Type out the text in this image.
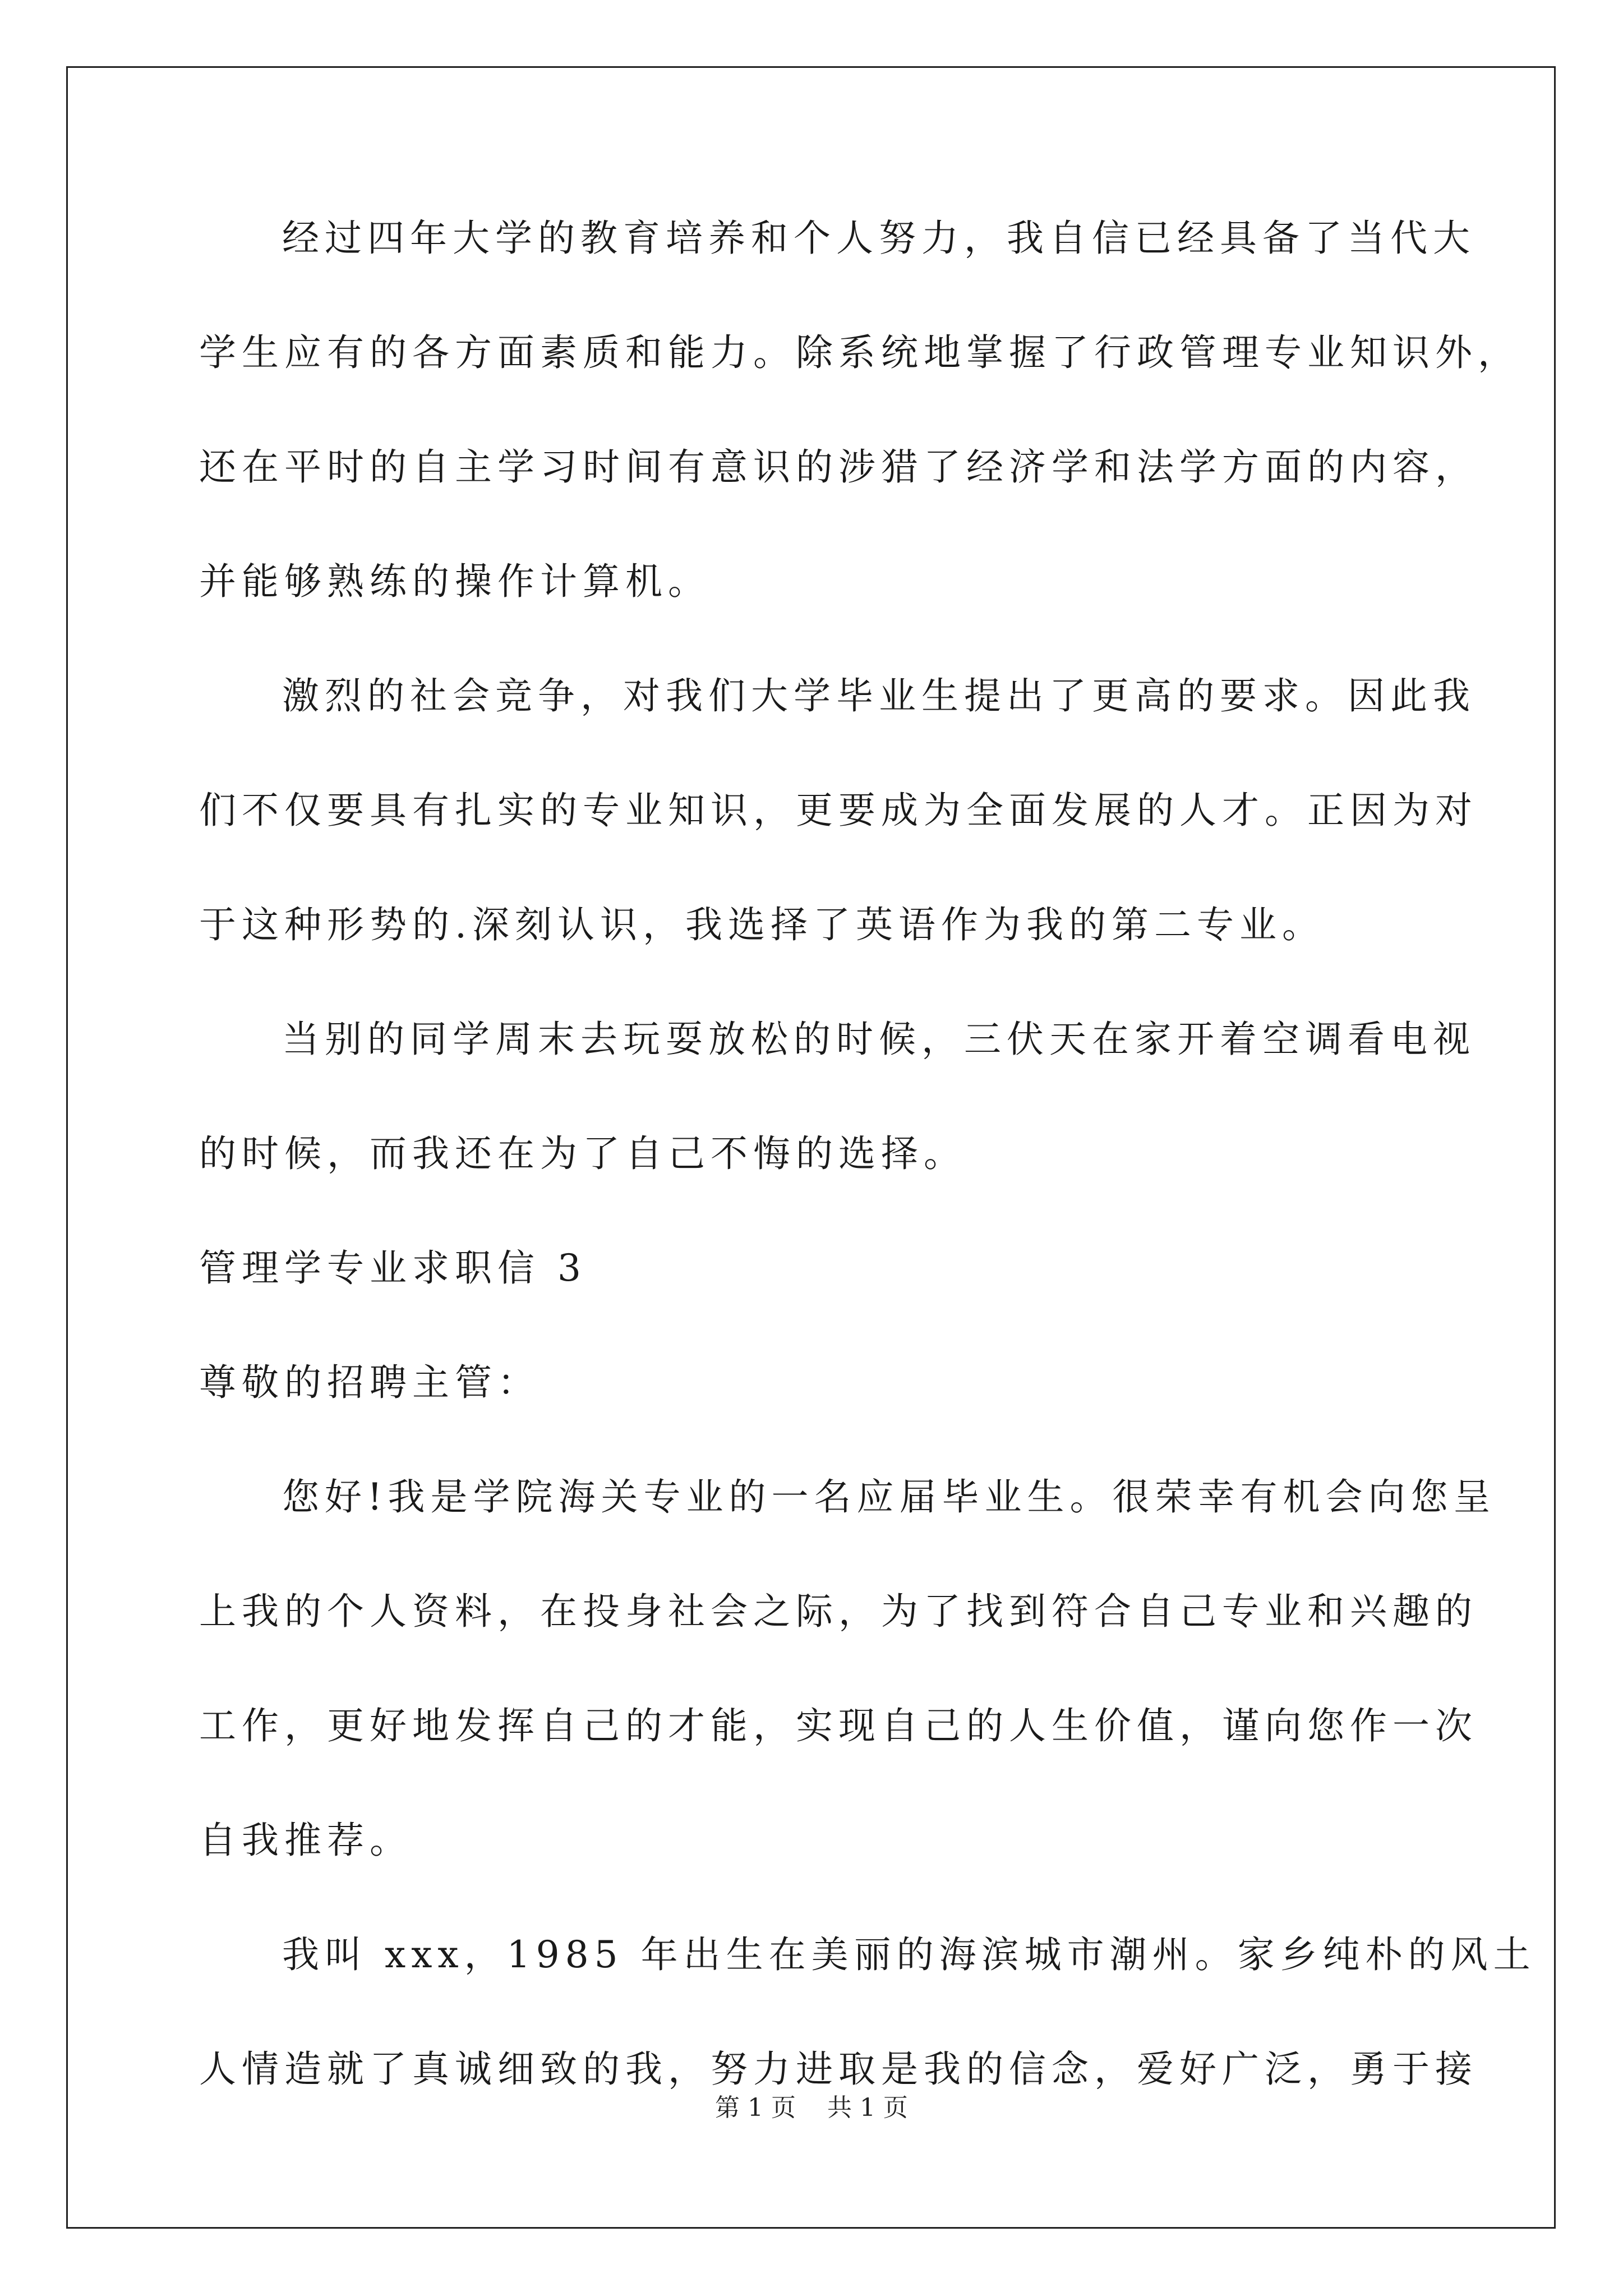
经过四年大学的教育培养和个人努力，我自信已经具备了当代大
学生应有的各方面素质和能力。除系统地掌握了行政管理专业知识外，
还在平时的自主学习时间有意识的涉猎了经济学和法学方面的内容，
并能够熟练的操作计算机。
激烈的社会竞争，对我们大学毕业生提出了更高的要求。因此我
们不仅要具有扎实的专业知识，更要成为全面发展的人才。正因为对
于这种形势的.深刻认识，我选择了英语作为我的第二专业。
当别的同学周末去玩耍放松的时候，三伏天在家开着空调看电视
的时候，而我还在为了自己不悔的选择。
管理学专业求职信 3
尊敬的招聘主管：
您好!我是学院海关专业的一名应届毕业生。很荣幸有机会向您呈
上我的个人资料，在投身社会之际，为了找到符合自己专业和兴趣的
工作，更好地发挥自己的才能，实现自己的人生价值，谨向您作一次
自我推荐。
我叫 xxx，1985 年出生在美丽的海滨城市潮州。家乡纯朴的风土
人情造就了真诚细致的我，努力进取是我的信念，爱好广泛，勇于接
第 1 页    共 1 页
